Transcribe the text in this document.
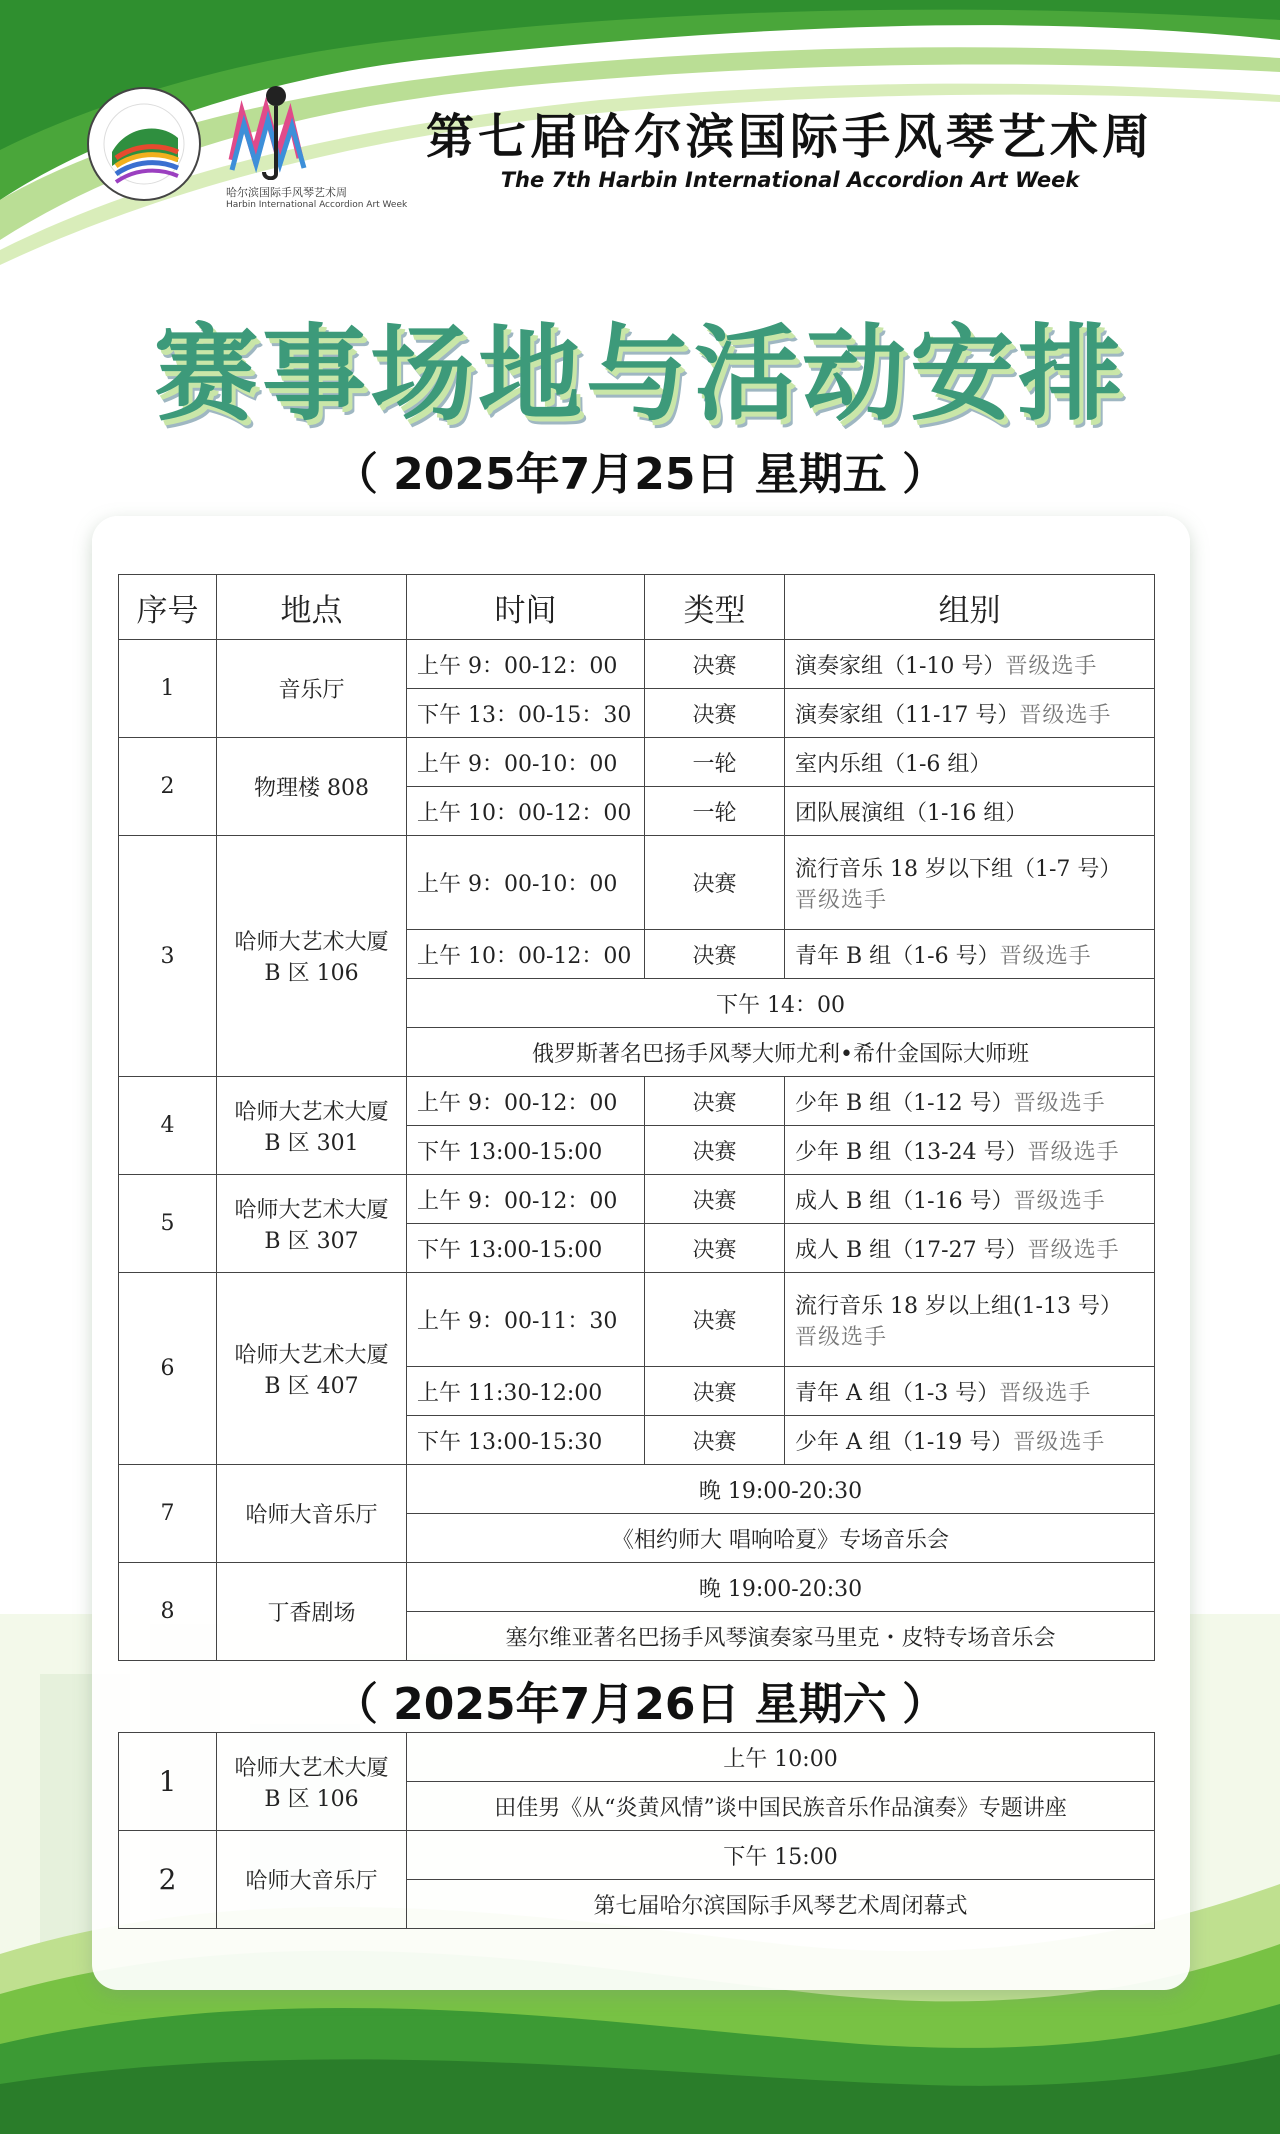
哈尔滨国际手风琴艺术周
Harbin International Accordion Art Week
第七届哈尔滨国际手风琴艺术周
The 7th Harbin International Accordion Art Week
赛事场地与活动安排
（ 2025年7月25日 星期五 ）
序号	地点	时间	类型	组别
1	音乐厅	上午 9：00-12：00	决赛	演奏家组（1-10 号）晋级选手
		下午 13：00-15：30	决赛	演奏家组（11-17 号）晋级选手
2	物理楼 808	上午 9：00-10：00	一轮	室内乐组（1-6 组）
		上午 10：00-12：00	一轮	团队展演组（1-16 组）
3	哈师大艺术大厦 B 区 106	上午 9：00-10：00	决赛	流行音乐 18 岁以下组（1-7 号）
晋级选手
		上午 10：00-12：00	决赛	青年 B 组（1-6 号）晋级选手
		下午 14：00		
		俄罗斯著名巴扬手风琴大师尤利•希什金国际大师班		
4	哈师大艺术大厦 B 区 301	上午 9：00-12：00	决赛	少年 B 组（1-12 号）晋级选手
		下午 13:00-15:00	决赛	少年 B 组（13-24 号）晋级选手
5	哈师大艺术大厦 B 区 307	上午 9：00-12：00	决赛	成人 B 组（1-16 号）晋级选手
		下午 13:00-15:00	决赛	成人 B 组（17-27 号）晋级选手
6	哈师大艺术大厦 B 区 407	上午 9：00-11：30	决赛	流行音乐 18 岁以上组(1-13 号）
晋级选手
		上午 11:30-12:00	决赛	青年 A 组（1-3 号）晋级选手
		下午 13:00-15:30	决赛	少年 A 组（1-19 号）晋级选手
7	哈师大音乐厅	晚 19:00-20:30		
		《相约师大 唱响哈夏》专场音乐会		
8	丁香剧场	晚 19:00-20:30		
		塞尔维亚著名巴扬手风琴演奏家马里克・皮特专场音乐会		
（ 2025年7月26日 星期六 ）
1	哈师大艺术大厦 B 区 106	上午 10:00
		田佳男《从“炎黄风情”谈中国民族音乐作品演奏》专题讲座
2	哈师大音乐厅	下午 15:00
		第七届哈尔滨国际手风琴艺术周闭幕式
